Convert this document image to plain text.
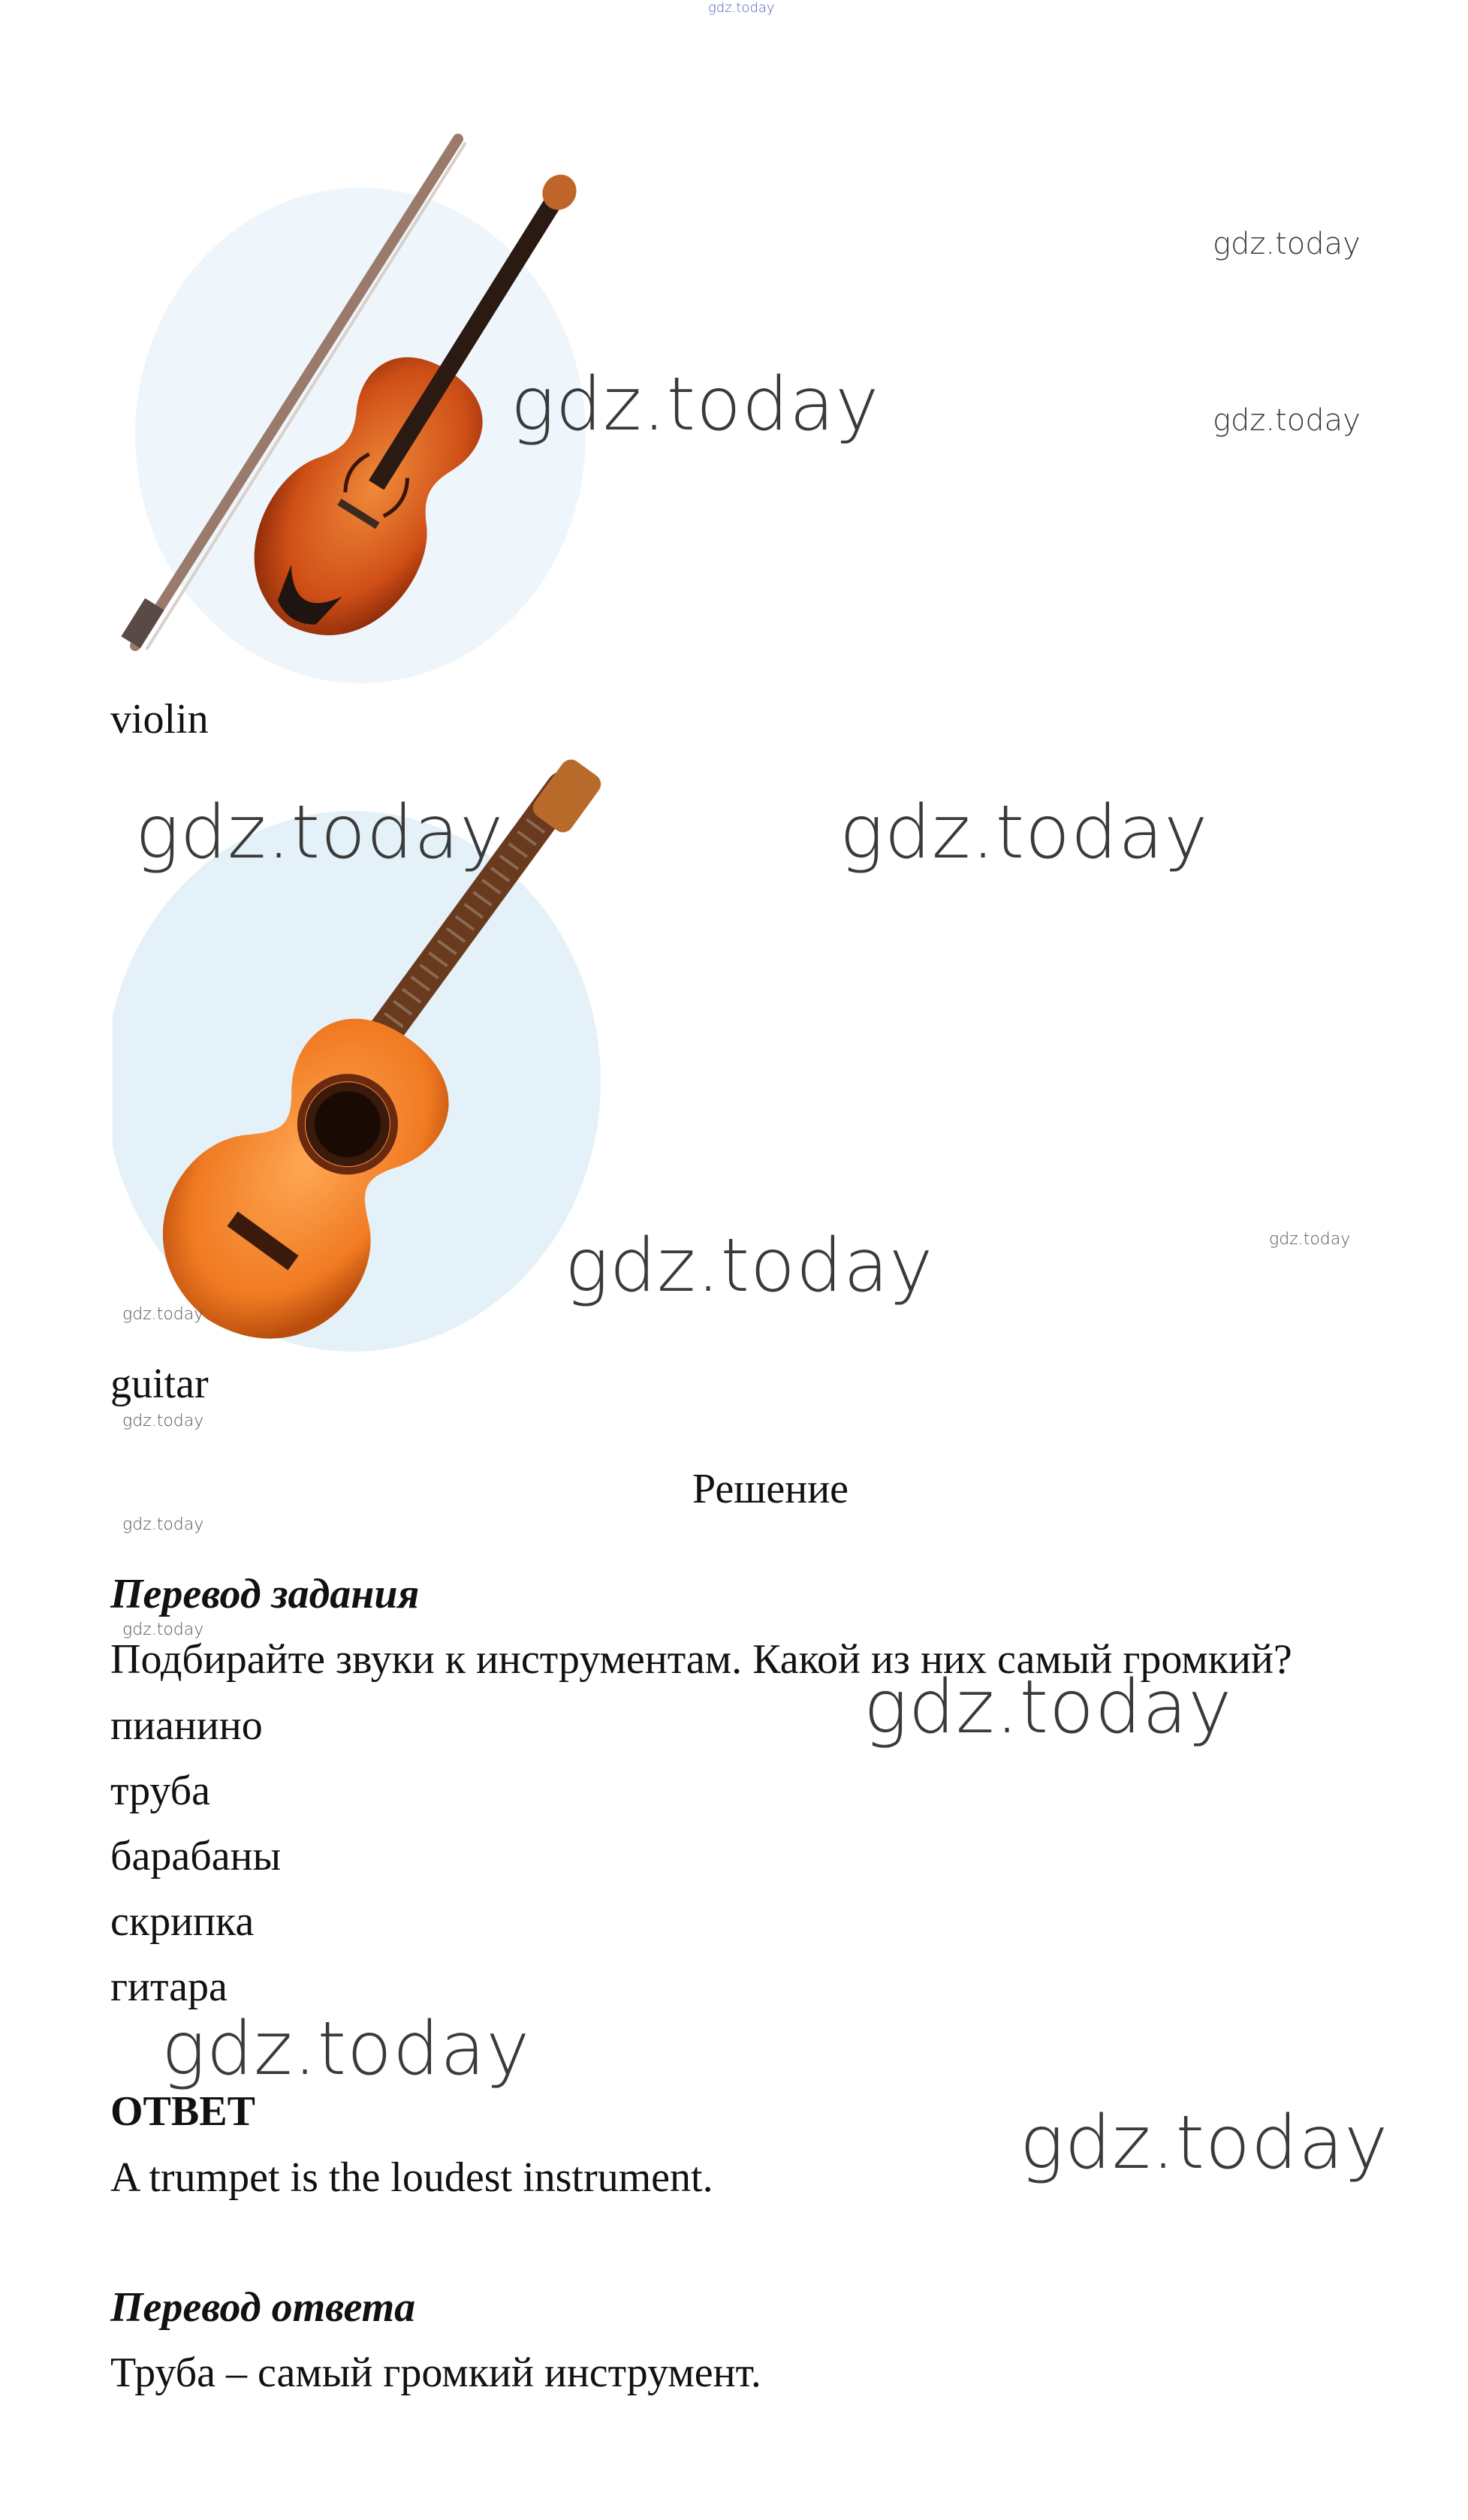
gdz.today
gdz.today
gdz.today
gdz.today
violin
gdz.today	gdz.today
gdz.today	gdz.today
gdz.today
guitar
gdz.today
Решение
gdz.today
Перевод задания
gdz.today
Подбирайте звуки к инструментам. Какой из них самый громкий?
gdz.today
пианино
труба
барабаны
скрипка
гитара
gdz.today
ОТВЕТ	gdz.today
A trumpet is the loudest instrument.
Перевод ответа
Труба – самый громкий инструмент.
